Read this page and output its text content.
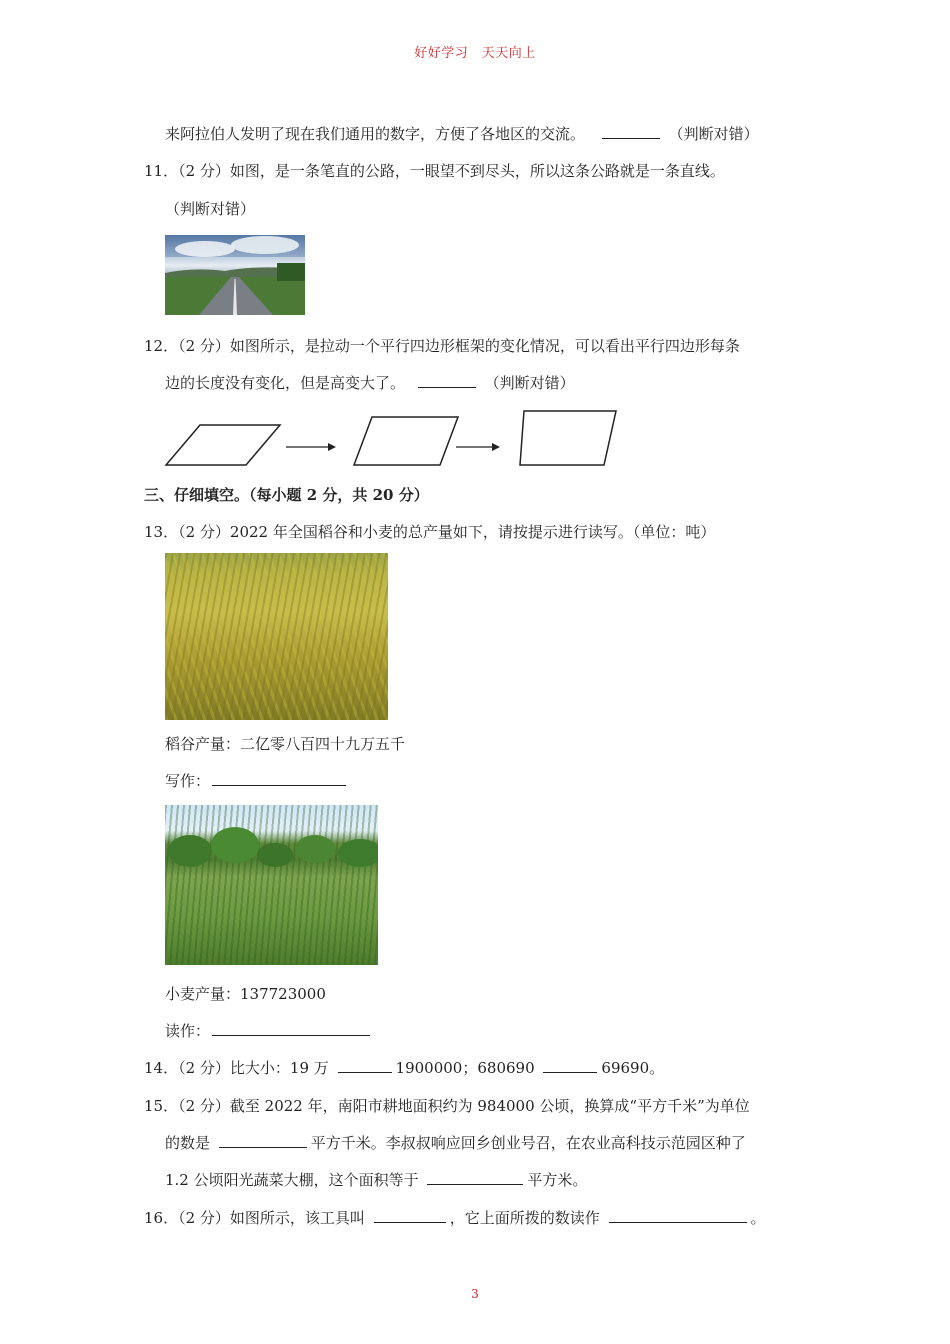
好好学习　天天向上
来阿拉伯人发明了现在我们通用的数字，方便了各地区的交流。	（判断对错）
11．（2 分）如图，是一条笔直的公路，一眼望不到尽头，所以这条公路就是一条直线。
（判断对错）
12．（2 分）如图所示，是拉动一个平行四边形框架的变化情况，可以看出平行四边形每条
边的长度没有变化，但是高变大了。	（判断对错）
三、仔细填空。（每小题 2 分，共 20 分）
13．（2 分）2022 年全国稻谷和小麦的总产量如下，请按提示进行读写。（单位：吨）
稻谷产量：二亿零八百四十九万五千
写作：
小麦产量：137723000
读作：
14．（2 分）比大小：19 万	1900000；680690	69690。
15．（2 分）截至 2022 年，南阳市耕地面积约为 984000 公顷，换算成“平方千米”为单位
的数是	平方千米。李叔叔响应回乡创业号召，在农业高科技示范园区种了
1.2 公顷阳光蔬菜大棚，这个面积等于	平方米。
16．（2 分）如图所示，该工具叫	，它上面所拨的数读作	。
3
